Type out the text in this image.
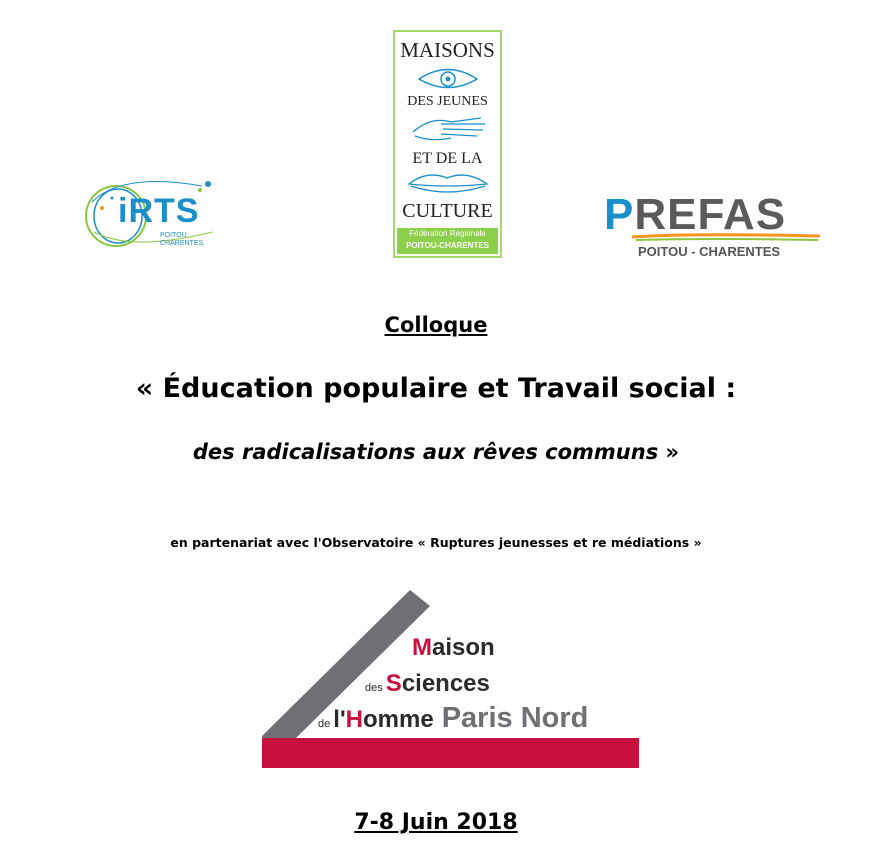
iRTS
POITOU
CHARENTES
MAISONS
DES JEUNES
ET DE LA
CULTURE
Fédération Régionale
POITOU-CHARENTES
PREFAS
POITOU - CHARENTES
Colloque
« Éducation populaire et Travail social :
des radicalisations aux rêves communs »
en partenariat avec l'Observatoire « Ruptures jeunesses et re médiations »
Maison
des Sciences
de l'Homme Paris Nord
7-8 Juin 2018
